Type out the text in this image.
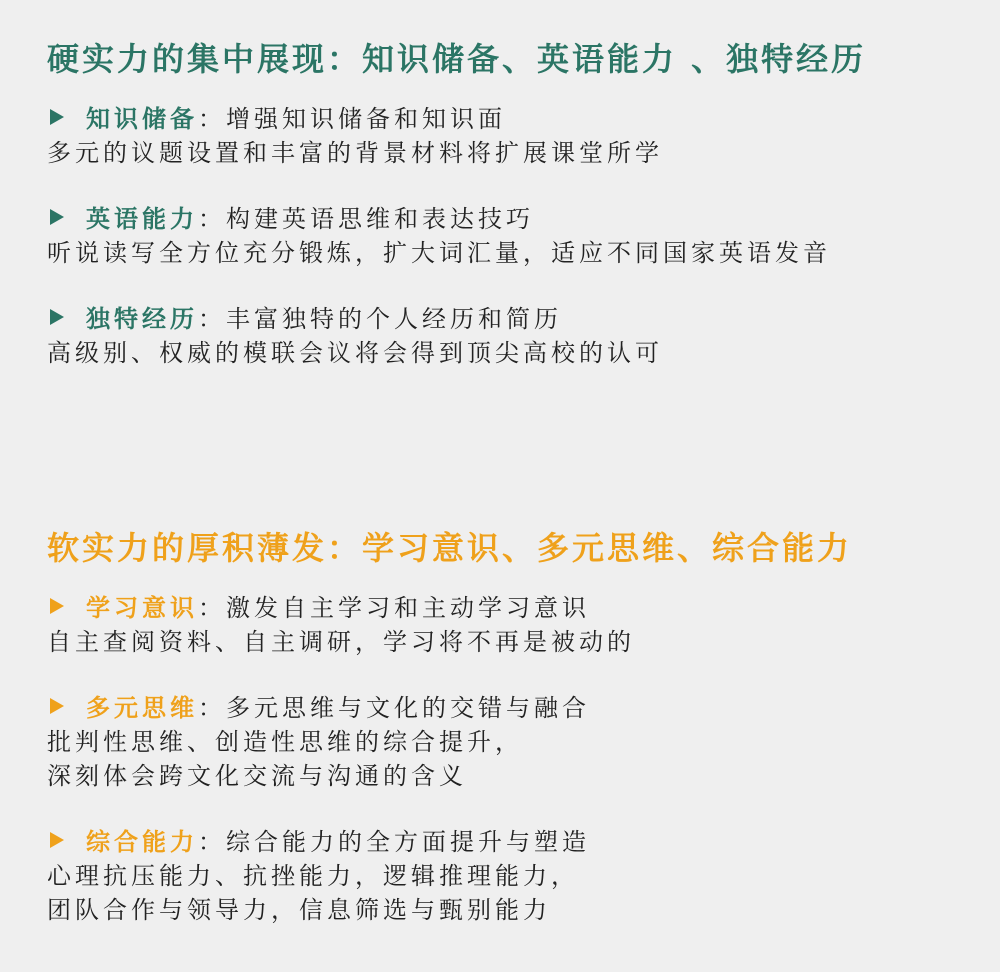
硬实力的集中展现：知识储备、英语能力 、独特经历
知识储备：增强知识储备和知识面
多元的议题设置和丰富的背景材料将扩展课堂所学
英语能力：构建英语思维和表达技巧
听说读写全方位充分锻炼，扩大词汇量，适应不同国家英语发音
独特经历：丰富独特的个人经历和简历
高级别、权威的模联会议将会得到顶尖高校的认可
软实力的厚积薄发：学习意识、多元思维、综合能力
学习意识：激发自主学习和主动学习意识
自主查阅资料、自主调研，学习将不再是被动的
多元思维：多元思维与文化的交错与融合
批判性思维、创造性思维的综合提升，
深刻体会跨文化交流与沟通的含义
综合能力：综合能力的全方面提升与塑造
心理抗压能力、抗挫能力，逻辑推理能力，
团队合作与领导力，信息筛选与甄别能力
